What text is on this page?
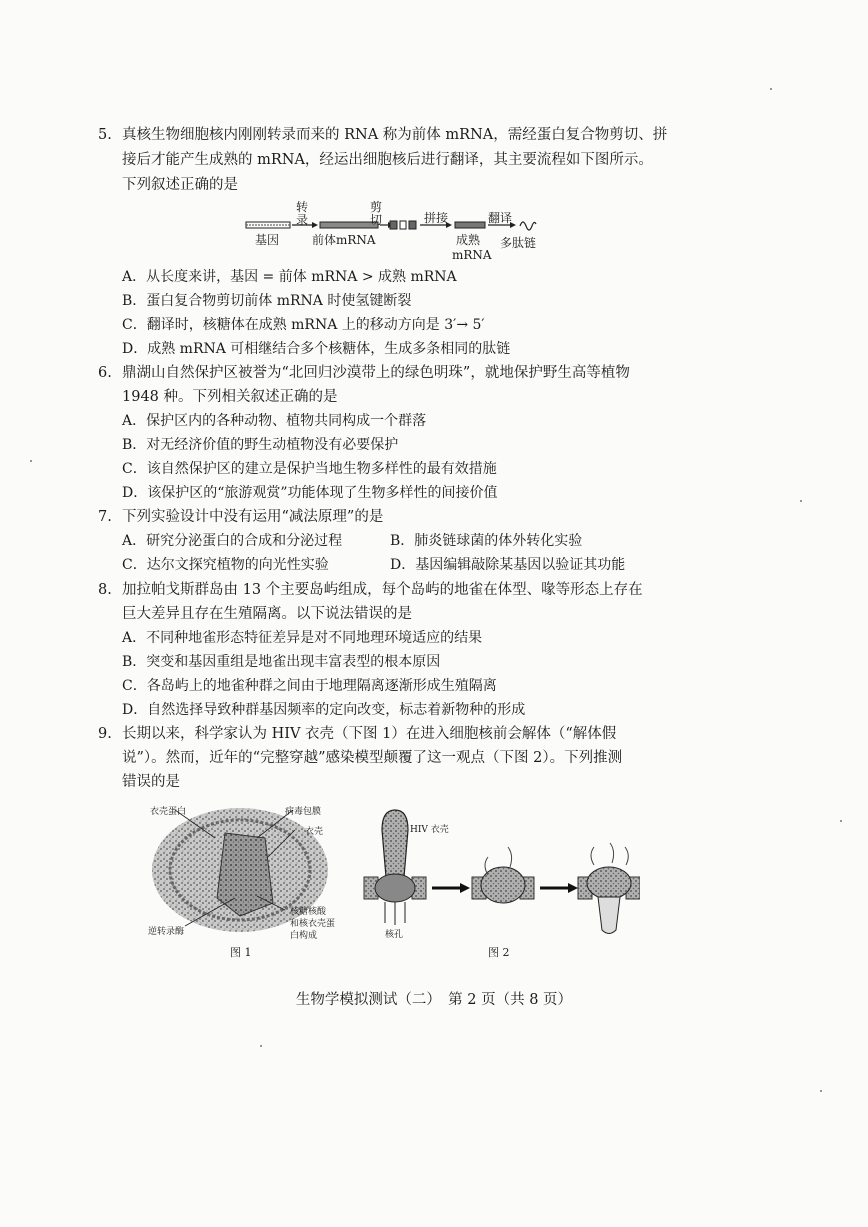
5. 真核生物细胞核内刚刚转录而来的 RNA 称为前体 mRNA，需经蛋白复合物剪切、拼
接后才能产生成熟的 mRNA，经运出细胞核后进行翻译，其主要流程如下图所示。
下列叙述正确的是
转
录
剪
切	拼接	翻译
基因	前体mRNA	成熟
mRNA
多肽链
A．从长度来讲，基因 = 前体 mRNA > 成熟 mRNA
B．蛋白复合物剪切前体 mRNA 时使氢键断裂
C．翻译时，核糖体在成熟 mRNA 上的移动方向是 3′→ 5′
D．成熟 mRNA 可相继结合多个核糖体，生成多条相同的肽链
6. 鼎湖山自然保护区被誉为“北回归沙漠带上的绿色明珠”，就地保护野生高等植物
1948 种。下列相关叙述正确的是
A．保护区内的各种动物、植物共同构成一个群落
B．对无经济价值的野生动植物没有必要保护
C．该自然保护区的建立是保护当地生物多样性的最有效措施
D．该保护区的“旅游观赏”功能体现了生物多样性的间接价值
7. 下列实验设计中没有运用“减法原理”的是
A．研究分泌蛋白的合成和分泌过程	B．肺炎链球菌的体外转化实验
C．达尔文探究植物的向光性实验	D．基因编辑敲除某基因以验证其功能
8. 加拉帕戈斯群岛由 13 个主要岛屿组成，每个岛屿的地雀在体型、喙等形态上存在
巨大差异且存在生殖隔离。以下说法错误的是
A．不同种地雀形态特征差异是对不同地理环境适应的结果
B．突变和基因重组是地雀出现丰富表型的根本原因
C．各岛屿上的地雀种群之间由于地理隔离逐渐形成生殖隔离
D．自然选择导致种群基因频率的定向改变，标志着新物种的形成
9. 长期以来，科学家认为 HIV 衣壳（下图 1）在进入细胞核前会解体（“解体假
说”）。然而，近年的“完整穿越”感染模型颠覆了这一观点（下图 2）。下列推测
错误的是
衣壳蛋白	病毒包膜
衣壳
逆转录酶
核糖核酸
和核衣壳蛋
白构成
图 1
HIV 衣壳
核孔
图 2
生物学模拟测试（二）　第 2 页（共 8 页）
